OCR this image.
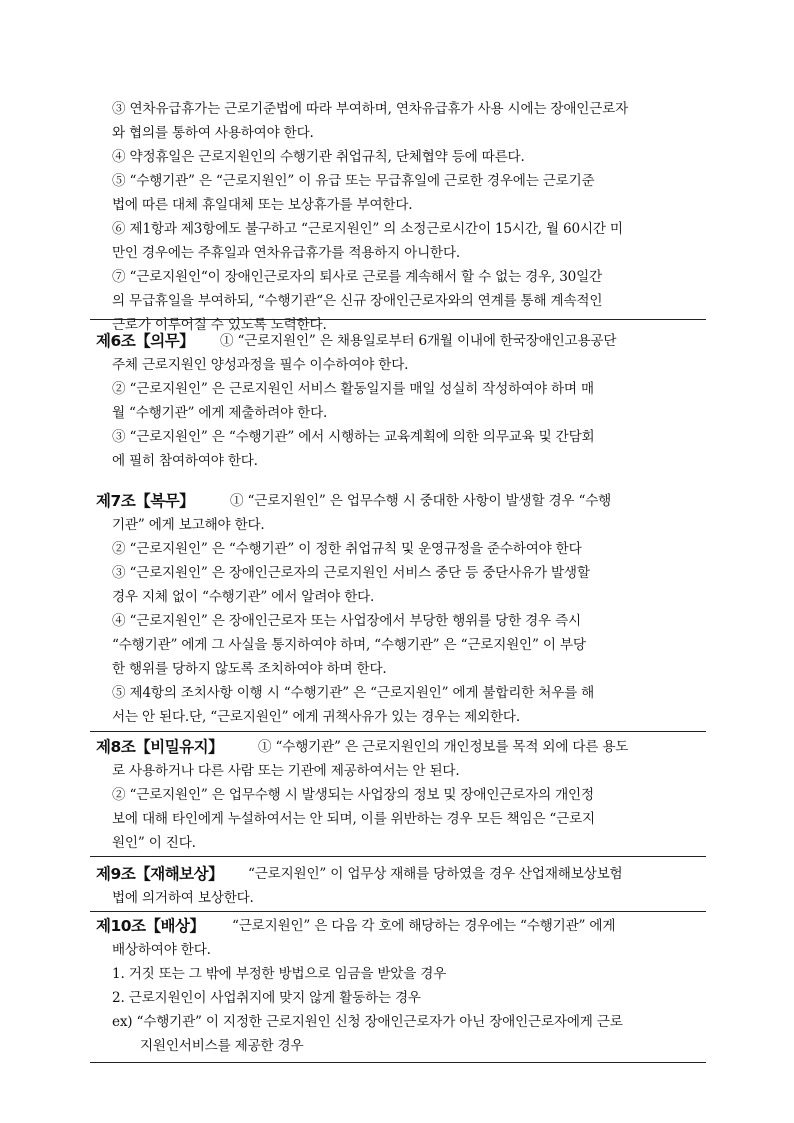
③ 연차유급휴가는 근로기준법에 따라 부여하며, 연차유급휴가 사용 시에는 장애인근로자
와 협의를 통하여 사용하여야 한다.
④ 약정휴일은 근로지원인의 수행기관 취업규칙, 단체협약 등에 따른다.
⑤ “수행기관” 은 “근로지원인” 이 유급 또는 무급휴일에 근로한 경우에는 근로기준
법에 따른 대체 휴일대체 또는 보상휴가를 부여한다.
⑥ 제1항과 제3항에도 불구하고 “근로지원인” 의 소정근로시간이 15시간, 월 60시간 미
만인 경우에는 주휴일과 연차유급휴가를 적용하지 아니한다.
⑦ “근로지원인“이 장애인근로자의 퇴사로 근로를 계속해서 할 수 없는 경우, 30일간
의 무급휴일을 부여하되, “수행기관“은 신규 장애인근로자와의 연계를 통해 계속적인
근로가 이루어질 수 있도록 노력한다.
제6조【의무】 ① “근로지원인” 은 채용일로부터 6개월 이내에 한국장애인고용공단
주체 근로지원인 양성과정을 필수 이수하여야 한다.
② “근로지원인” 은 근로지원인 서비스 활동일지를 매일 성실히 작성하여야 하며 매
월 “수행기관” 에게 제출하려야 한다.
③ “근로지원인” 은 “수행기관” 에서 시행하는 교육계획에 의한 의무교육 및 간담회
에 필히 참여하여야 한다.
제7조【복무】	① “근로지원인” 은 업무수행 시 중대한 사항이 발생할 경우 “수행
기관” 에게 보고해야 한다.
② “근로지원인” 은 “수행기관” 이 정한 취업규칙 및 운영규정을 준수하여야 한다
③ “근로지원인” 은 장애인근로자의 근로지원인 서비스 중단 등 중단사유가 발생할
경우 지체 없이 “수행기관” 에서 알려야 한다.
④ “근로지원인” 은 장애인근로자 또는 사업장에서 부당한 행위를 당한 경우 즉시
“수행기관” 에게 그 사실을 통지하여야 하며, “수행기관” 은 “근로지원인” 이 부당
한 행위를 당하지 않도록 조치하여야 하며 한다.
⑤ 제4항의 조치사항 이행 시 “수행기관” 은 “근로지원인” 에게 불합리한 처우를 해
서는 안 된다.단, “근로지원인” 에게 귀책사유가 있는 경우는 제외한다.
제8조【비밀유지】	① “수행기관” 은 근로지원인의 개인정보를 목적 외에 다른 용도
로 사용하거나 다른 사람 또는 기관에 제공하여서는 안 된다.
② “근로지원인” 은 업무수행 시 발생되는 사업장의 정보 및 장애인근로자의 개인정
보에 대해 타인에게 누설하여서는 안 되며, 이를 위반하는 경우 모든 책임은 “근로지
원인” 이 진다.
제9조【재해보상】 “근로지원인” 이 업무상 재해를 당하였을 경우 산업재해보상보험
법에 의거하여 보상한다.
제10조【배상】 “근로지원인” 은 다음 각 호에 해당하는 경우에는 “수행기관” 에게
배상하여야 한다.
1. 거짓 또는 그 밖에 부정한 방법으로 임금을 받았을 경우
2. 근로지원인이 사업취지에 맞지 않게 활동하는 경우
ex) “수행기관” 이 지정한 근로지원인 신청 장애인근로자가 아닌 장애인근로자에게 근로
지원인서비스를 제공한 경우
